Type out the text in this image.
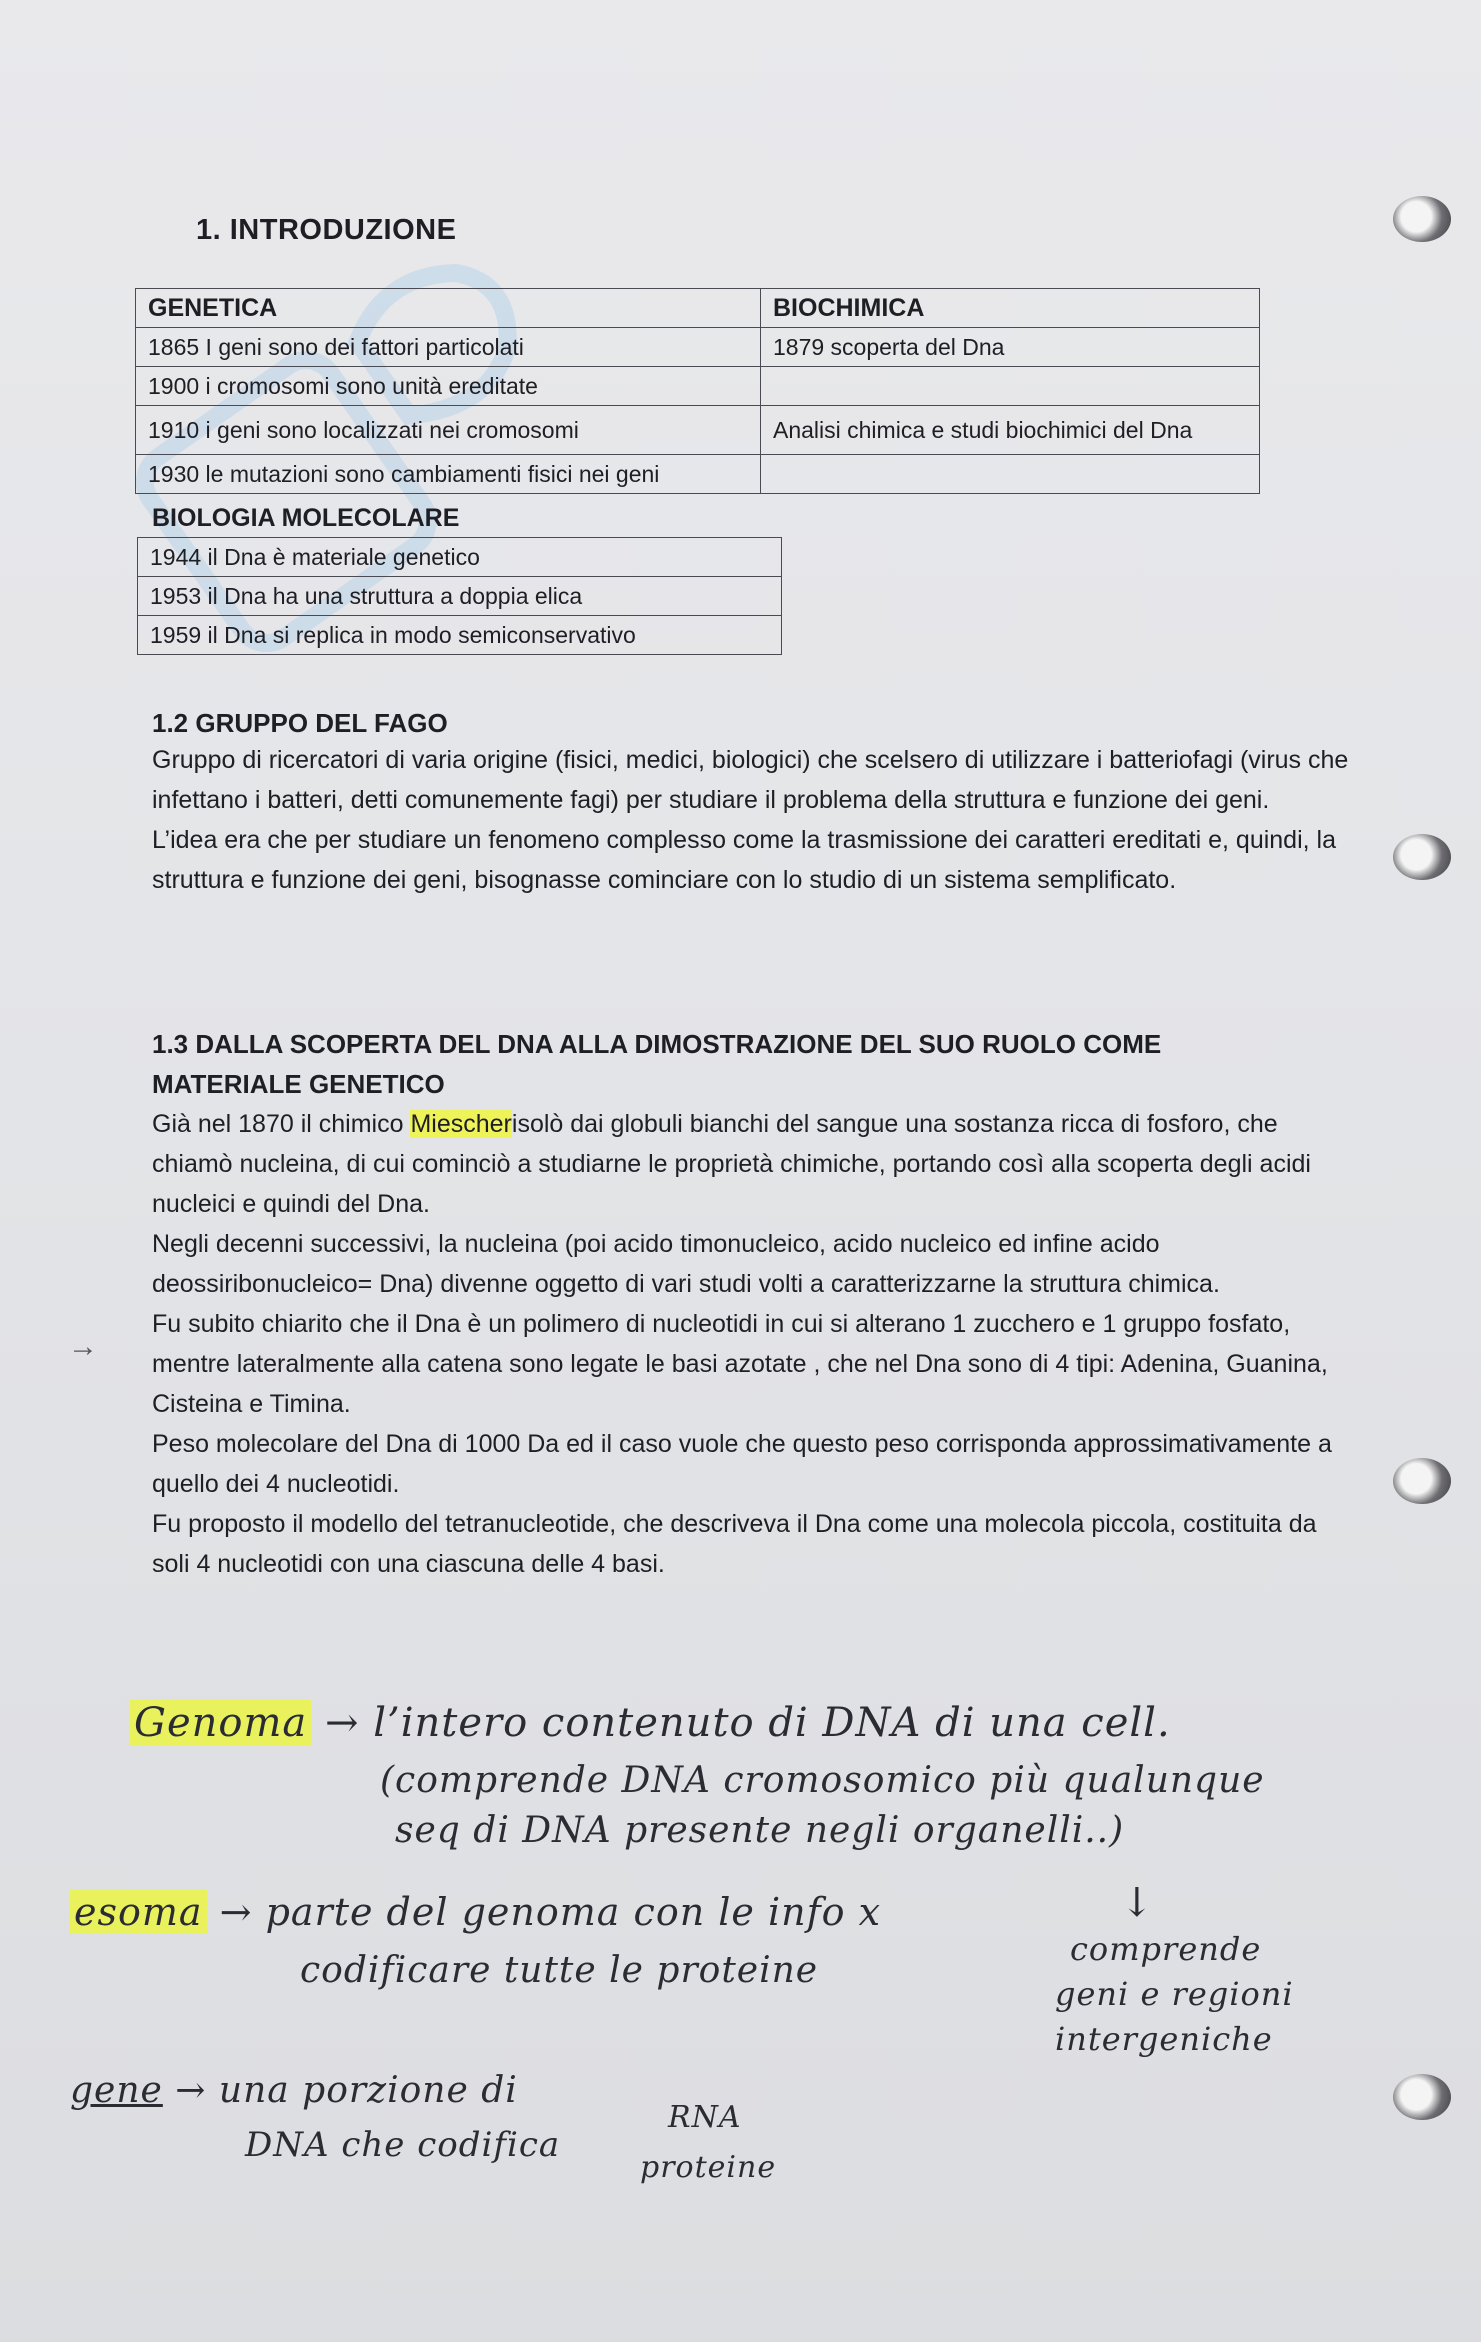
1. INTRODUZIONE
GENETICA	BIOCHIMICA
1865 I geni sono dei fattori particolati	1879 scoperta del Dna
1900 i cromosomi sono unità ereditate	
1910 i geni sono localizzati nei cromosomi	Analisi chimica e studi biochimici del Dna
1930 le mutazioni sono cambiamenti fisici nei geni	
BIOLOGIA MOLECOLARE
1944 il Dna è materiale genetico
1953 il Dna ha una struttura a doppia elica
1959 il Dna si replica in modo semiconservativo
1.2 GRUPPO DEL FAGO

Gruppo di ricercatori di varia origine (fisici, medici, biologici) che scelsero di utilizzare i batteriofagi (virus che infettano i batteri, detti comunemente fagi) per studiare il problema della struttura e funzione dei geni.

L’idea era che per studiare un fenomeno complesso come la trasmissione dei caratteri ereditati e, quindi, la struttura e funzione dei geni, bisognasse cominciare con lo studio di un sistema semplificato.

1.3 DALLA SCOPERTA DEL DNA ALLA DIMOSTRAZIONE DEL SUO RUOLO COME MATERIALE GENETICO

Già nel 1870 il chimico Miescherisolò dai globuli bianchi del sangue una sostanza ricca di fosforo, che chiamò nucleina, di cui cominciò a studiarne le proprietà chimiche, portando così alla scoperta degli acidi nucleici e quindi del Dna.

Negli decenni successivi, la nucleina (poi acido timonucleico, acido nucleico ed infine acido deossiribonucleico= Dna) divenne oggetto di vari studi volti a caratterizzarne la struttura chimica.

Fu subito chiarito che il Dna è un polimero di nucleotidi in cui si alterano 1 zucchero e 1 gruppo fosfato, mentre lateralmente alla catena sono legate le basi azotate , che nel Dna sono di 4 tipi: Adenina, Guanina, Cisteina e Timina.

Peso molecolare del Dna di 1000 Da ed il caso vuole che questo peso corrisponda approssimativamente a quello dei 4 nucleotidi.

Fu proposto il modello del tetranucleotide, che descriveva il Dna come una molecola piccola, costituita da soli 4 nucleotidi con una ciascuna delle 4 basi.

→
Genoma → l’intero contenuto di DNA di una cell.
(comprende DNA cromosomico più qualunque
seq di DNA presente negli organelli..)
esoma → parte del genoma con le info x
codificare tutte le proteine
↓
comprende
geni e regioni
intergeniche
gene → una porzione di
DNA che codifica
RNA
proteine
